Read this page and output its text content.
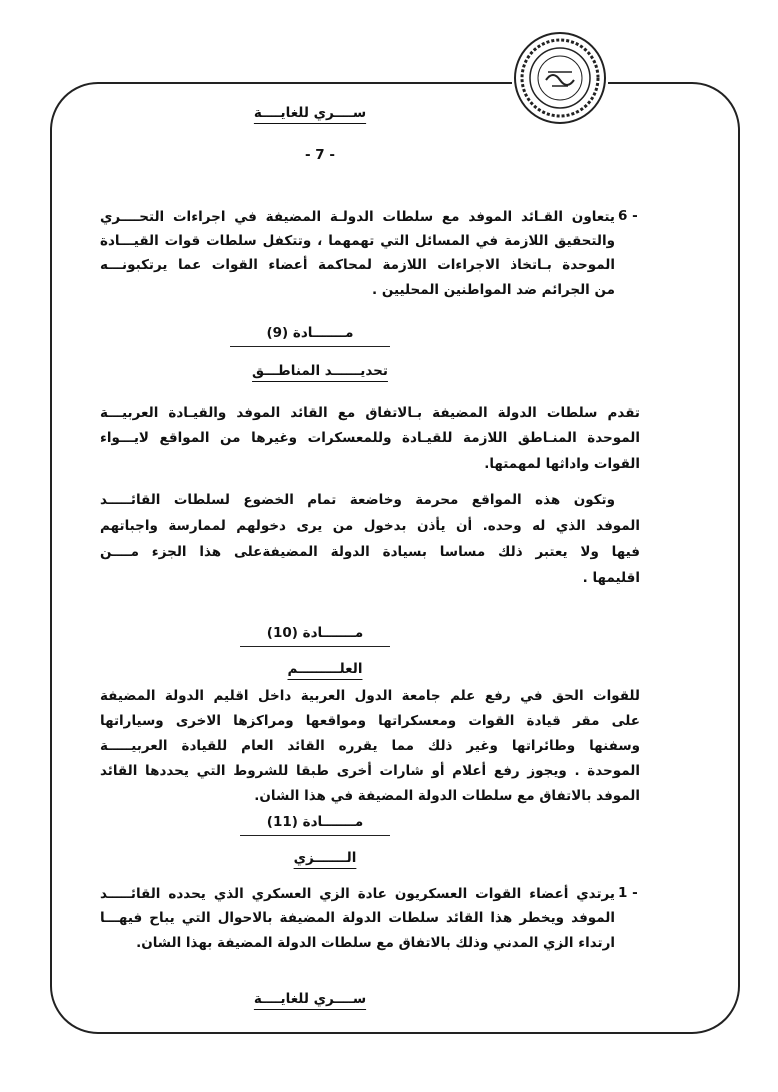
ســــري للغايــــة
- 7 -
6 -
يتعاون القـائد الموفد مع سلطات الدولـة المضيفة في اجراءات التحــــري
والتحقيق اللازمة في المسائل التي تهمهما ، وتتكفل سلطات قوات القيـــادة
الموحدة بـاتخاذ الاجراءات اللازمة لمحاكمة أعضاء القوات عما يرتكبونـــه
من الجرائم ضد المواطنين المحليين .
مـــــــادة (9)
تحديــــــد المناطـــق
تقدم سلطات الدولة المضيفة بـالاتفاق مع القائد الموفد والقيـادة العربيـــة
الموحدة المنـاطق اللازمة للقيـادة وللمعسكرات وغيرها من المواقع لايـــواء
القوات واداثها لمهمتها.
وتكون هذه المواقع محرمة وخاضعة تمام الخضوع لسلطات القائـــــد
الموفد الذي له وحده. أن يأذن بدخول من يرى دخولهم لممارسة واجباتهم
فيها ولا يعتبر ذلك مساسا بسيادة الدولة المضيفةعلى هذا الجزء مــــن
اقليمها .
مـــــــادة (10)
العلـــــــــم
للقوات الحق في رفع علم جامعة الدول العربية داخل اقليم الدولة المضيفة
على مقر قيادة القوات ومعسكراتها ومواقعها ومراكزها الاخرى وسياراتها
وسفنها وطائراتها وغير ذلك مما يقرره القائد العام للقيادة العربيـــــة
الموحدة . ويجوز رفع أعلام أو شارات أخرى طبقا للشروط التي يحددها القائد
الموفد بالاتفاق مع سلطات الدولة المضيفة في هذا الشان.
مـــــــادة (11)
الـــــــزي
1 -
يرتدي أعضاء القوات العسكريون عادة الزي العسكري الذي يحدده القائـــــد
الموفد ويخطر هذا القائد سلطات الدولة المضيفة بالاحوال التي يباح فيهـــا
ارتداء الزي المدني وذلك بالاتفاق مع سلطات الدولة المضيفة بهذا الشان.
ســــري للغايــــة
